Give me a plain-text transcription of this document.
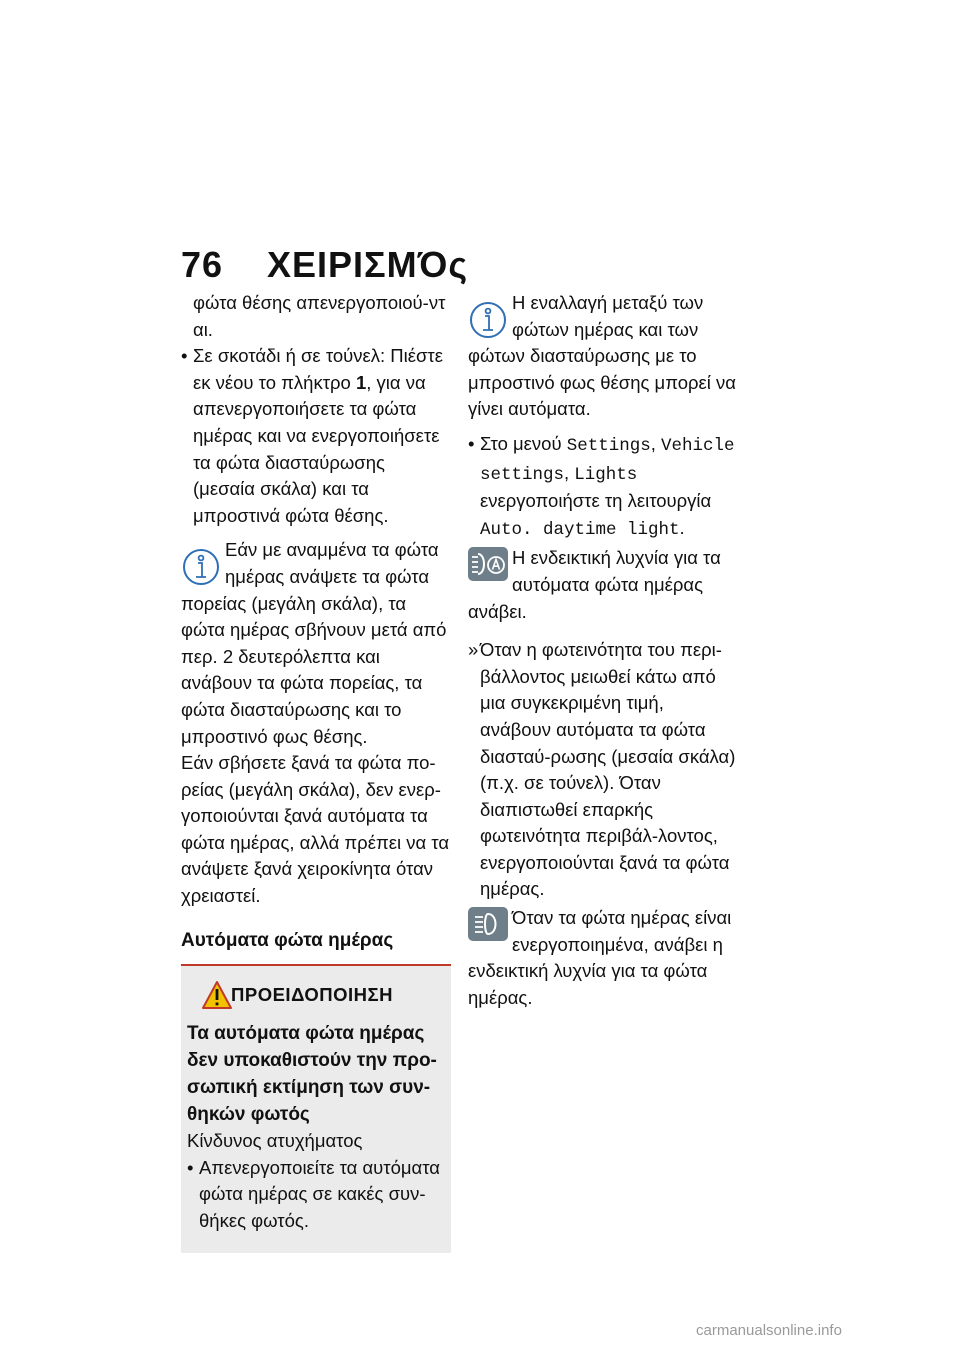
76 ΧΕΙΡΙΣΜΌς

φώτα θέσης απενεργοποιού-ντ αι.

• Σε σκοτάδι ή σε τούνελ: Πιέστε εκ νέου το πλήκτρο 1, για να απενεργοποιήσετε τα φώτα ημέρας και να ενεργοποιήσετε τα φώτα διασταύρωσης (μεσαία σκάλα) και τα μπροστινά φώτα θέσης.

Εάν με αναμμένα τα φώτα ημέρας ανάψετε τα φώτα πορείας (μεγάλη σκάλα), τα φώτα ημέρας σβήνουν μετά από περ. 2 δευτερόλεπτα και ανάβουν τα φώτα πορείας, τα φώτα διασταύρωσης και το μπροστινό φως θέσης.

Εάν σβήσετε ξανά τα φώτα πο-ρείας (μεγάλη σκάλα), δεν ενερ-γοποιούνται ξανά αυτόματα τα φώτα ημέρας, αλλά πρέπει να τα ανάψετε ξανά χειροκίνητα όταν χρειαστεί.

Αυτόματα φώτα ημέρας
ΠΡΟΕΙΔΟΠΟΙΗΣΗ

Τα αυτόματα φώτα ημέρας δεν υποκαθιστούν την προ-σωπική εκτίμηση των συν-θηκών φωτός

Κίνδυνος ατυχήματος

• Απενεργοποιείτε τα αυτόματα φώτα ημέρας σε κακές συν-θήκες φωτός.

Η εναλλαγή μεταξύ των φώτων ημέρας και των φώτων διασταύρωσης με το μπροστινό φως θέσης μπορεί να γίνει αυτόματα.

• Στο μενού Settings, Vehicle settings, Lights ενεργοποιήστε τη λειτουργία Auto. daytime light.

Η ενδεικτική λυχνία για τα αυτόματα φώτα ημέρας ανάβει.

» Όταν η φωτεινότητα του περι-βάλλοντος μειωθεί κάτω από μια συγκεκριμένη τιμή, ανάβουν αυτόματα τα φώτα διασταύ-ρωσης (μεσαία σκάλα) (π.χ. σε τούνελ). Όταν διαπιστωθεί επαρκής φωτεινότητα περιβάλ-λοντος, ενεργοποιούνται ξανά τα φώτα ημέρας.

Όταν τα φώτα ημέρας είναι ενεργοποιημένα, ανάβει η ενδεικτική λυχνία για τα φώτα ημέρας.

carmanualsonline.info
